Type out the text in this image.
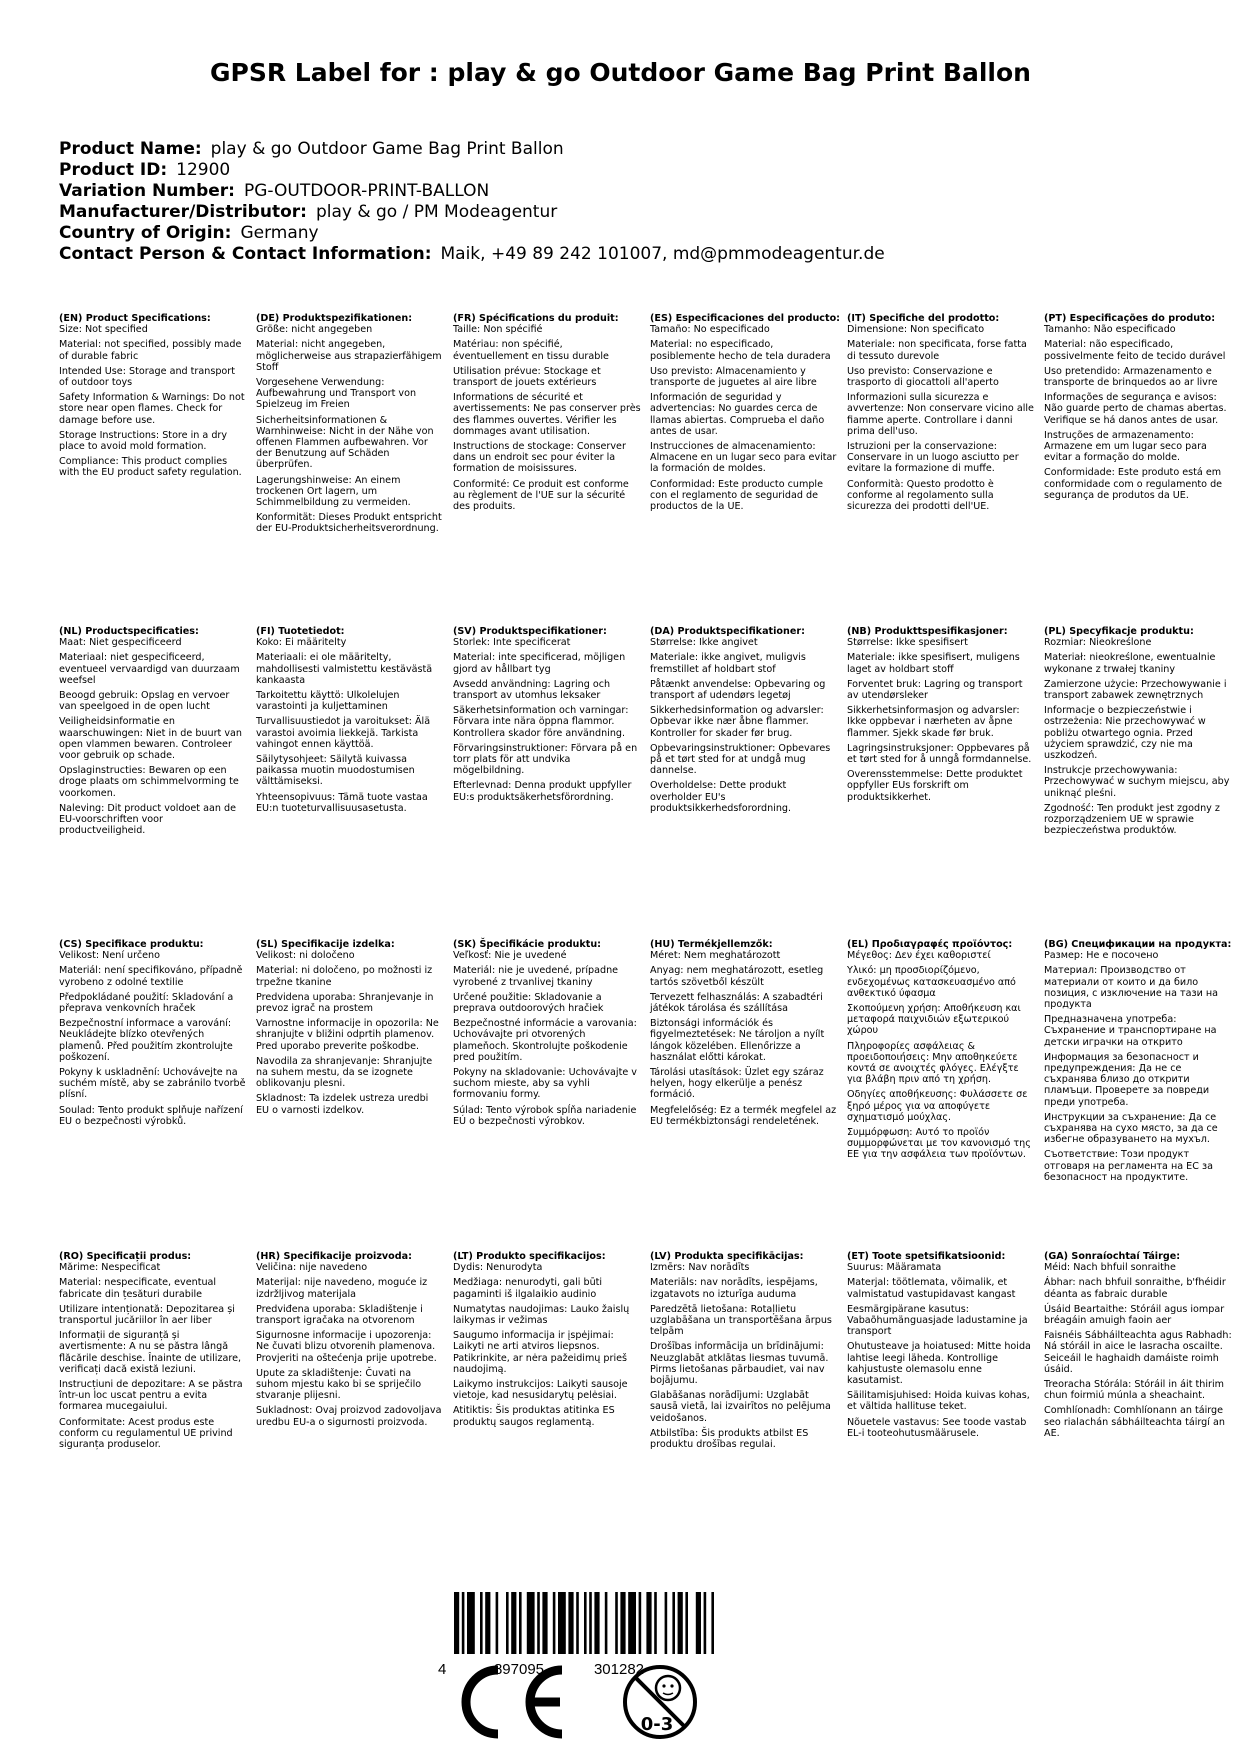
GPSR Label for : play & go Outdoor Game Bag Print Ballon
Product Name: play & go Outdoor Game Bag Print Ballon
Product ID: 12900
Variation Number: PG-OUTDOOR-PRINT-BALLON
Manufacturer/Distributor: play & go / PM Modeagentur
Country of Origin: Germany
Contact Person & Contact Information: Maik, +49 89 242 101007, md@pmmodeagentur.de
(EN) Product Specifications:

Size: Not specified

Material: not specified, possibly made of durable fabric

Intended Use: Storage and transport of outdoor toys

Safety Information & Warnings: Do not store near open flames. Check for damage before use.

Storage Instructions: Store in a dry place to avoid mold formation.

Compliance: This product complies with the EU product safety regulation.

(DE) Produktspezifikationen:

Größe: nicht angegeben

Material: nicht angegeben, möglicherweise aus strapazierfähigem Stoff

Vorgesehene Verwendung: Aufbewahrung und Transport von Spielzeug im Freien

Sicherheitsinformationen & Warnhinweise: Nicht in der Nähe von offenen Flammen aufbewahren. Vor der Benutzung auf Schäden überprüfen.

Lagerungshinweise: An einem trockenen Ort lagern, um Schimmelbildung zu vermeiden.

Konformität: Dieses Produkt entspricht der EU-Produktsicherheitsverordnung.

(FR) Spécifications du produit:

Taille: Non spécifié

Matériau: non spécifié, éventuellement en tissu durable

Utilisation prévue: Stockage et transport de jouets extérieurs

Informations de sécurité et avertissements: Ne pas conserver près des flammes ouvertes. Vérifier les dommages avant utilisation.

Instructions de stockage: Conserver dans un endroit sec pour éviter la formation de moisissures.

Conformité: Ce produit est conforme au règlement de l'UE sur la sécurité des produits.

(ES) Especificaciones del producto:

Tamaño: No especificado

Material: no especificado, posiblemente hecho de tela duradera

Uso previsto: Almacenamiento y transporte de juguetes al aire libre

Información de seguridad y advertencias: No guardes cerca de llamas abiertas. Comprueba el daño antes de usar.

Instrucciones de almacenamiento: Almacene en un lugar seco para evitar la formación de moldes.

Conformidad: Este producto cumple con el reglamento de seguridad de productos de la UE.

(IT) Specifiche del prodotto:

Dimensione: Non specificato

Materiale: non specificata, forse fatta di tessuto durevole

Uso previsto: Conservazione e trasporto di giocattoli all'aperto

Informazioni sulla sicurezza e avvertenze: Non conservare vicino alle fiamme aperte. Controllare i danni prima dell'uso.

Istruzioni per la conservazione: Conservare in un luogo asciutto per evitare la formazione di muffe.

Conformità: Questo prodotto è conforme al regolamento sulla sicurezza dei prodotti dell'UE.

(PT) Especificações do produto:

Tamanho: Não especificado

Material: não especificado, possivelmente feito de tecido durável

Uso pretendido: Armazenamento e transporte de brinquedos ao ar livre

Informações de segurança e avisos: Não guarde perto de chamas abertas. Verifique se há danos antes de usar.

Instruções de armazenamento: Armazene em um lugar seco para evitar a formação do molde.

Conformidade: Este produto está em conformidade com o regulamento de segurança de produtos da UE.

(NL) Productspecificaties:

Maat: Niet gespecificeerd

Materiaal: niet gespecificeerd, eventueel vervaardigd van duurzaam weefsel

Beoogd gebruik: Opslag en vervoer van speelgoed in de open lucht

Veiligheidsinformatie en waarschuwingen: Niet in de buurt van open vlammen bewaren. Controleer voor gebruik op schade.

Opslaginstructies: Bewaren op een droge plaats om schimmelvorming te voorkomen.

Naleving: Dit product voldoet aan de EU-voorschriften voor productveiligheid.

(FI) Tuotetiedot:

Koko: Ei määritelty

Materiaali: ei ole määritelty, mahdollisesti valmistettu kestävästä kankaasta

Tarkoitettu käyttö: Ulkolelujen varastointi ja kuljettaminen

Turvallisuustiedot ja varoitukset: Älä varastoi avoimia liekkejä. Tarkista vahingot ennen käyttöä.

Säilytysohjeet: Säilytä kuivassa paikassa muotin muodostumisen välttämiseksi.

Yhteensopivuus: Tämä tuote vastaa EU:n tuoteturvallisuusasetusta.

(SV) Produktspecifikationer:

Storlek: Inte specificerat

Material: inte specificerad, möjligen gjord av hållbart tyg

Avsedd användning: Lagring och transport av utomhus leksaker

Säkerhetsinformation och varningar: Förvara inte nära öppna flammor. Kontrollera skador före användning.

Förvaringsinstruktioner: Förvara på en torr plats för att undvika mögelbildning.

Efterlevnad: Denna produkt uppfyller EU:s produktsäkerhetsförordning.

(DA) Produktspecifikationer:

Størrelse: Ikke angivet

Materiale: ikke angivet, muligvis fremstillet af holdbart stof

Påtænkt anvendelse: Opbevaring og transport af udendørs legetøj

Sikkerhedsinformation og advarsler: Opbevar ikke nær åbne flammer. Kontroller for skader før brug.

Opbevaringsinstruktioner: Opbevares på et tørt sted for at undgå mug dannelse.

Overholdelse: Dette produkt overholder EU's produktsikkerhedsforordning.

(NB) Produkttspesifikasjoner:

Størrelse: Ikke spesifisert

Materiale: ikke spesifisert, muligens laget av holdbart stoff

Forventet bruk: Lagring og transport av utendørsleker

Sikkerhetsinformasjon og advarsler: Ikke oppbevar i nærheten av åpne flammer. Sjekk skade før bruk.

Lagringsinstruksjoner: Oppbevares på et tørt sted for å unngå formdannelse.

Overensstemmelse: Dette produktet oppfyller EUs forskrift om produktsikkerhet.

(PL) Specyfikacje produktu:

Rozmiar: Nieokreślone

Materiał: nieokreślone, ewentualnie wykonane z trwałej tkaniny

Zamierzone użycie: Przechowywanie i transport zabawek zewnętrznych

Informacje o bezpieczeństwie i ostrzeżenia: Nie przechowywać w pobliżu otwartego ognia. Przed użyciem sprawdzić, czy nie ma uszkodzeń.

Instrukcje przechowywania: Przechowywać w suchym miejscu, aby uniknąć pleśni.

Zgodność: Ten produkt jest zgodny z rozporządzeniem UE w sprawie bezpieczeństwa produktów.

(CS) Specifikace produktu:

Velikost: Není určeno

Materiál: není specifikováno, případně vyrobeno z odolné textilie

Předpokládané použití: Skladování a přeprava venkovních hraček

Bezpečnostní informace a varování: Neukládejte blízko otevřených plamenů. Před použitím zkontrolujte poškození.

Pokyny k uskladnění: Uchovávejte na suchém místě, aby se zabránilo tvorbě plísní.

Soulad: Tento produkt splňuje nařízení EU o bezpečnosti výrobků.

(SL) Specifikacije izdelka:

Velikost: ni določeno

Material: ni določeno, po možnosti iz trpežne tkanine

Predvidena uporaba: Shranjevanje in prevoz igrač na prostem

Varnostne informacije in opozorila: Ne shranjujte v bližini odprtih plamenov. Pred uporabo preverite poškodbe.

Navodila za shranjevanje: Shranjujte na suhem mestu, da se izognete oblikovanju plesni.

Skladnost: Ta izdelek ustreza uredbi EU o varnosti izdelkov.

(SK) Špecifikácie produktu:

Veľkosť: Nie je uvedené

Materiál: nie je uvedené, prípadne vyrobené z trvanlivej tkaniny

Určené použitie: Skladovanie a preprava outdoorových hračiek

Bezpečnostné informácie a varovania: Uchovávajte pri otvorených plameňoch. Skontrolujte poškodenie pred použitím.

Pokyny na skladovanie: Uchovávajte v suchom mieste, aby sa vyhli formovaniu formy.

Súlad: Tento výrobok spĺňa nariadenie EÚ o bezpečnosti výrobkov.

(HU) Termékjellemzők:

Méret: Nem meghatározott

Anyag: nem meghatározott, esetleg tartós szövetből készült

Tervezett felhasználás: A szabadtéri játékok tárolása és szállítása

Biztonsági információk és figyelmeztetések: Ne tároljon a nyílt lángok közelében. Ellenőrizze a használat előtti károkat.

Tárolási utasítások: Üzlet egy száraz helyen, hogy elkerülje a penész formáció.

Megfelelőség: Ez a termék megfelel az EU termékbiztonsági rendeletének.

(EL) Προδιαγραφές προϊόντος:

Μέγεθος: Δεν έχει καθοριστεί

Υλικό: μη προσδιορίζόμενο, ενδεχομένως κατασκευασμένο από ανθεκτικό ύφασμα

Σκοπούμενη χρήση: Αποθήκευση και μεταφορά παιχνιδιών εξωτερικού χώρου

Πληροφορίες ασφάλειας & προειδοποιήσεις: Μην αποθηκεύετε κοντά σε ανοιχτές φλόγες. Ελέγξτε για βλάβη πριν από τη χρήση.

Οδηγίες αποθήκευσης: Φυλάσσετε σε ξηρό μέρος για να αποφύγετε σχηματισμό μούχλας.

Συμμόρφωση: Αυτό το προϊόν συμμορφώνεται με τον κανονισμό της ΕΕ για την ασφάλεια των προϊόντων.

(BG) Спецификации на продукта:

Размер: Не е посочено

Материал: Производство от материали от които и да било позиция, с изключение на тази на продукта

Предназначена употреба: Съхранение и транспортиране на детски играчки на открито

Информация за безопасност и предупреждения: Да не се съхранява близо до открити пламъци. Проверете за повреди преди употреба.

Инструкции за съхранение: Да се съхранява на сухо място, за да се избегне образуването на мухъл.

Съответствие: Този продукт отговаря на регламента на ЕС за безопасност на продуктите.

(RO) Specificații produs:

Mărime: Nespecificat

Material: nespecificate, eventual fabricate din țesături durabile

Utilizare intenționată: Depozitarea și transportul jucăriilor în aer liber

Informații de siguranță și avertismente: A nu se păstra lângă flăcările deschise. Înainte de utilizare, verificați dacă există leziuni.

Instrucțiuni de depozitare: A se păstra într-un loc uscat pentru a evita formarea mucegaiului.

Conformitate: Acest produs este conform cu regulamentul UE privind siguranța produselor.

(HR) Specifikacije proizvoda:

Veličina: nije navedeno

Materijal: nije navedeno, moguće iz izdržljivog materijala

Predviđena uporaba: Skladištenje i transport igračaka na otvorenom

Sigurnosne informacije i upozorenja: Ne čuvati blizu otvorenih plamenova. Provjeriti na oštećenja prije upotrebe.

Upute za skladištenje: Čuvati na suhom mjestu kako bi se spriječilo stvaranje plijesni.

Sukladnost: Ovaj proizvod zadovoljava uredbu EU-a o sigurnosti proizvoda.

(LT) Produkto specifikacijos:

Dydis: Nenurodyta

Medžiaga: nenurodyti, gali būti pagaminti iš ilgalaikio audinio

Numatytas naudojimas: Lauko žaislų laikymas ir vežimas

Saugumo informacija ir įspėjimai: Laikyti ne arti atviros liepsnos. Patikrinkite, ar nėra pažeidimų prieš naudojimą.

Laikymo instrukcijos: Laikyti sausoje vietoje, kad nesusidarytų pelėsiai.

Atitiktis: Šis produktas atitinka ES produktų saugos reglamentą.

(LV) Produkta specifikācijas:

Izmērs: Nav norādīts

Materiāls: nav norādīts, iespējams, izgatavots no izturīga auduma

Paredzētā lietošana: Rotaļlietu uzglabāšana un transportēšana ārpus telpām

Drošības informācija un brīdinājumi: Neuzglabāt atklātas liesmas tuvumā. Pirms lietošanas pārbaudiet, vai nav bojājumu.

Glabāšanas norādījumi: Uzglabāt sausā vietā, lai izvairītos no pelējuma veidošanos.

Atbilstība: Šis produkts atbilst ES produktu drošības regulai.

(ET) Toote spetsifikatsioonid:

Suurus: Määramata

Materjal: töötlemata, võimalik, et valmistatud vastupidavast kangast

Eesmärgipärane kasutus: Vabaõhumänguasjade ladustamine ja transport

Ohutusteave ja hoiatused: Mitte hoida lahtise leegi läheda. Kontrollige kahjustuste olemasolu enne kasutamist.

Säilitamisjuhised: Hoida kuivas kohas, et vältida hallituse teket.

Nõuetele vastavus: See toode vastab EL-i tooteohutusmäärusele.

(GA) Sonraíochtaí Táirge:

Méid: Nach bhfuil sonraithe

Ábhar: nach bhfuil sonraithe, b'fhéidir déanta as fabraic durable

Úsáid Beartaithe: Stóráil agus iompar bréagáin amuigh faoin aer

Faisnéis Sábháilteachta agus Rabhadh: Ná stóráil in aice le lasracha oscailte. Seiceáil le haghaidh damáiste roimh úsáid.

Treoracha Stórála: Stóráil in áit thirim chun foirmiú múnla a sheachaint.

Comhlíonadh: Comhlíonann an táirge seo rialachán sábháilteachta táirgí an AE.

4	897095	301282
0-3
